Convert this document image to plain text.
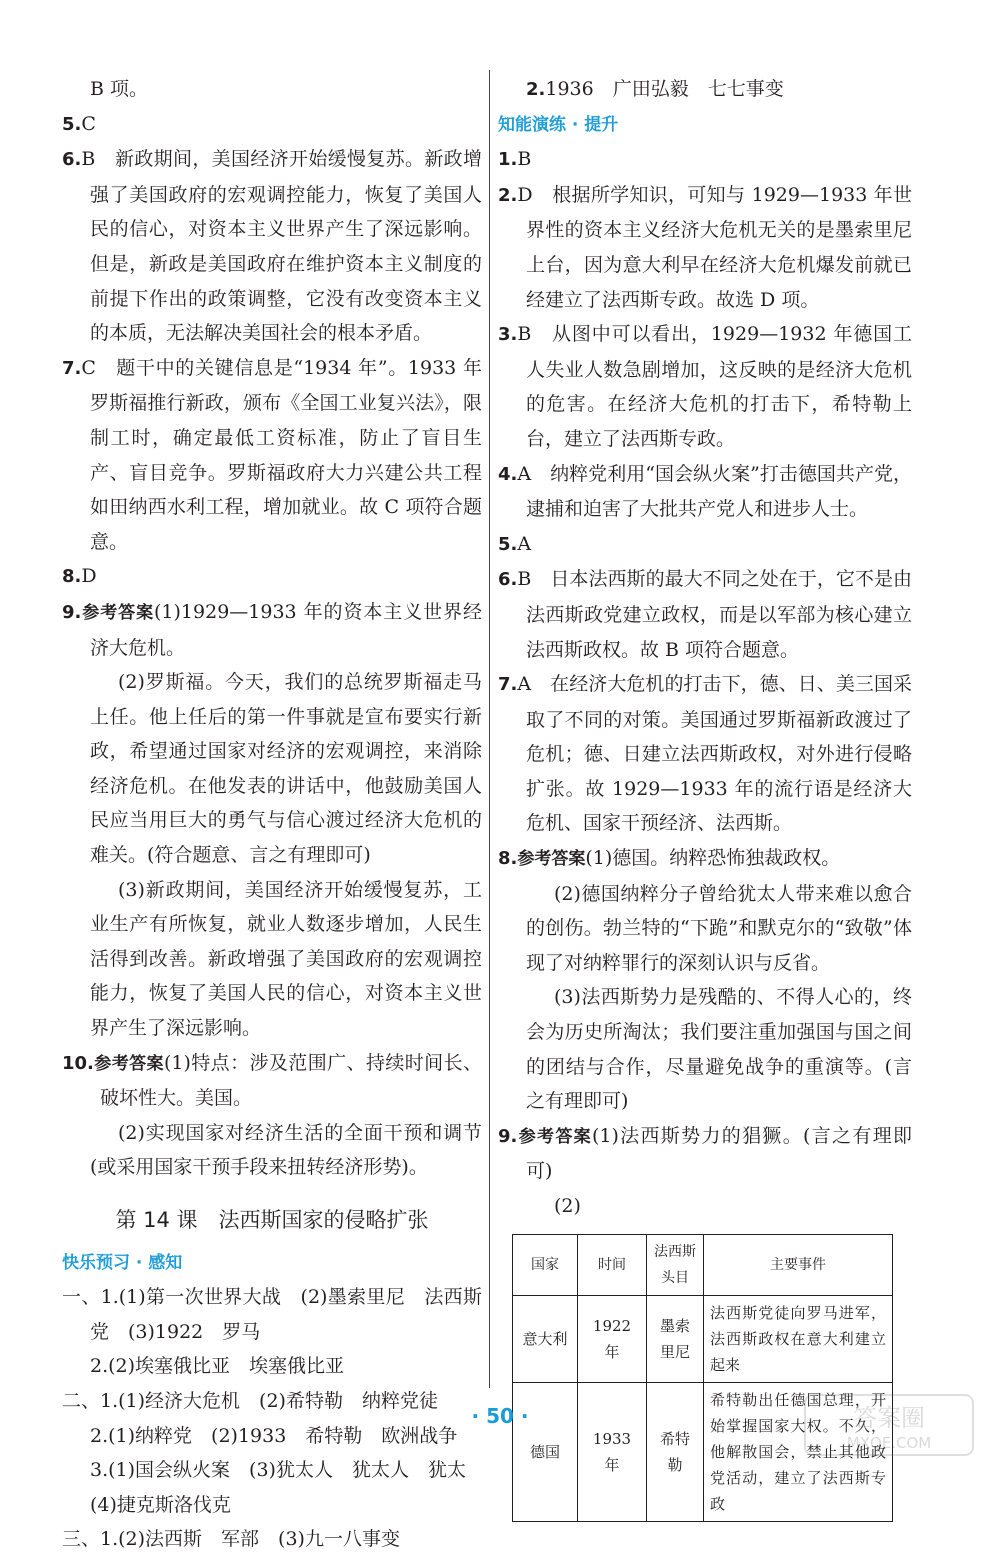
B 项。

5.C

6.B　新政期间，美国经济开始缓慢复苏。新政增强了美国政府的宏观调控能力，恢复了美国人民的信心，对资本主义世界产生了深远影响。但是，新政是美国政府在维护资本主义制度的前提下作出的政策调整，它没有改变资本主义的本质，无法解决美国社会的根本矛盾。

7.C　题干中的关键信息是“1934 年”。1933 年罗斯福推行新政，颁布《全国工业复兴法》，限制工时，确定最低工资标准，防止了盲目生产、盲目竞争。罗斯福政府大力兴建公共工程如田纳西水利工程，增加就业。故 C 项符合题意。

8.D

9.参考答案(1)1929—1933 年的资本主义世界经济大危机。

(2)罗斯福。今天，我们的总统罗斯福走马上任。他上任后的第一件事就是宣布要实行新政，希望通过国家对经济的宏观调控，来消除经济危机。在他发表的讲话中，他鼓励美国人民应当用巨大的勇气与信心渡过经济大危机的难关。(符合题意、言之有理即可)

(3)新政期间，美国经济开始缓慢复苏，工业生产有所恢复，就业人数逐步增加，人民生活得到改善。新政增强了美国政府的宏观调控能力，恢复了美国人民的信心，对资本主义世界产生了深远影响。

10.参考答案(1)特点：涉及范围广、持续时间长、破坏性大。美国。

(2)实现国家对经济生活的全面干预和调节(或采用国家干预手段来扭转经济形势)。

第 14 课　法西斯国家的侵略扩张

快乐预习 · 感知

一、1.(1)第一次世界大战　(2)墨索里尼　法西斯党　(3)1922　罗马

2.(2)埃塞俄比亚　埃塞俄比亚

二、1.(1)经济大危机　(2)希特勒　纳粹党徒

2.(1)纳粹党　(2)1933　希特勒　欧洲战争

3.(1)国会纵火案　(3)犹太人　犹太人　犹太

(4)捷克斯洛伐克

三、1.(2)法西斯　军部　(3)九一八事变

2.1936　广田弘毅　七七事变

知能演练 · 提升

1.B

2.D　根据所学知识，可知与 1929—1933 年世界性的资本主义经济大危机无关的是墨索里尼上台，因为意大利早在经济大危机爆发前就已经建立了法西斯专政。故选 D 项。

3.B　从图中可以看出，1929—1932 年德国工人失业人数急剧增加，这反映的是经济大危机的危害。在经济大危机的打击下，希特勒上台，建立了法西斯专政。

4.A　纳粹党利用“国会纵火案”打击德国共产党，逮捕和迫害了大批共产党人和进步人士。

5.A

6.B　日本法西斯的最大不同之处在于，它不是由法西斯政党建立政权，而是以军部为核心建立法西斯政权。故 B 项符合题意。

7.A　在经济大危机的打击下，德、日、美三国采取了不同的对策。美国通过罗斯福新政渡过了危机；德、日建立法西斯政权，对外进行侵略扩张。故 1929—1933 年的流行语是经济大危机、国家干预经济、法西斯。

8.参考答案(1)德国。纳粹恐怖独裁政权。

(2)德国纳粹分子曾给犹太人带来难以愈合的创伤。勃兰特的“下跪”和默克尔的“致敬”体现了对纳粹罪行的深刻认识与反省。

(3)法西斯势力是残酷的、不得人心的，终会为历史所淘汰；我们要注重加强国与国之间的团结与合作，尽量避免战争的重演等。(言之有理即可)

9.参考答案(1)法西斯势力的猖獗。(言之有理即可)

(2)

国家	时间	法西斯头目	主要事件
意大利	1922 年	墨索里尼	法西斯党徒向罗马进军，法西斯政权在意大利建立起来
德国	1933 年	希特勒	希特勒出任德国总理，开始掌握国家大权。不久，他解散国会，禁止其他政党活动，建立了法西斯专政
· 50 ·	答案圈
MXQE.COM
